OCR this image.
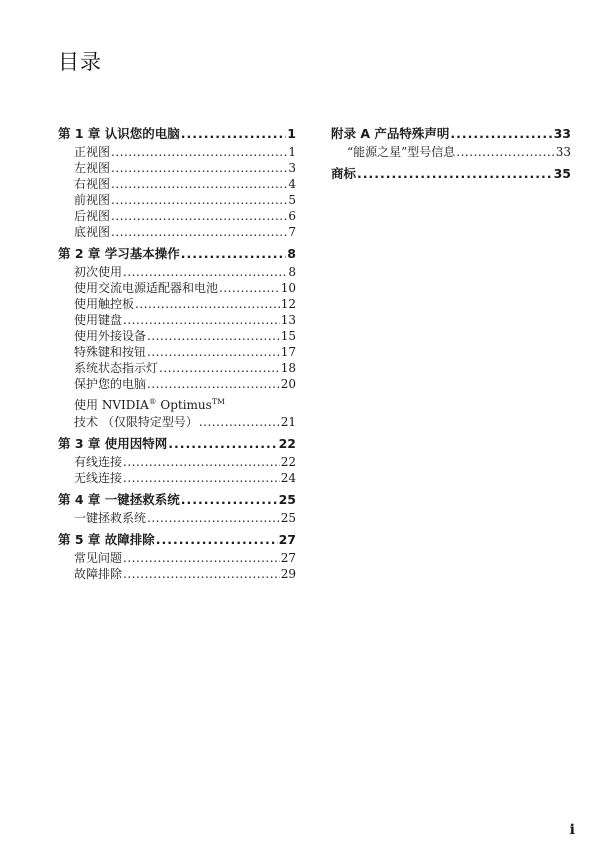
目录
第 1 章 认识您的电脑 .....	1
正视图 .....	1
左视图 .....	3
右视图 .....	4
前视图 .....	5
后视图 .....	6
底视图 .....	7
第 2 章 学习基本操作 .....	8
初次使用 .....	8
使用交流电源适配器和电池 .....	10
使用触控板 .....	12
使用键盘 .....	13
使用外接设备 .....	15
特殊键和按钮 .....	17
系统状态指示灯 .....	18
保护您的电脑 .....	20
使用 NVIDIA® Optimus™
技术 （仅限特定型号） .....	21
第 3 章 使用因特网 .....	22
有线连接 .....	22
无线连接 .....	24
第 4 章 一键拯救系统 .....	25
一键拯救系统 .....	25
第 5 章 故障排除 .....	27
常见问题 .....	27
故障排除 .....	29
附录 A 产品特殊声明 .....	33
“能源之星”型号信息 .....	33
商标 .....	35
i
